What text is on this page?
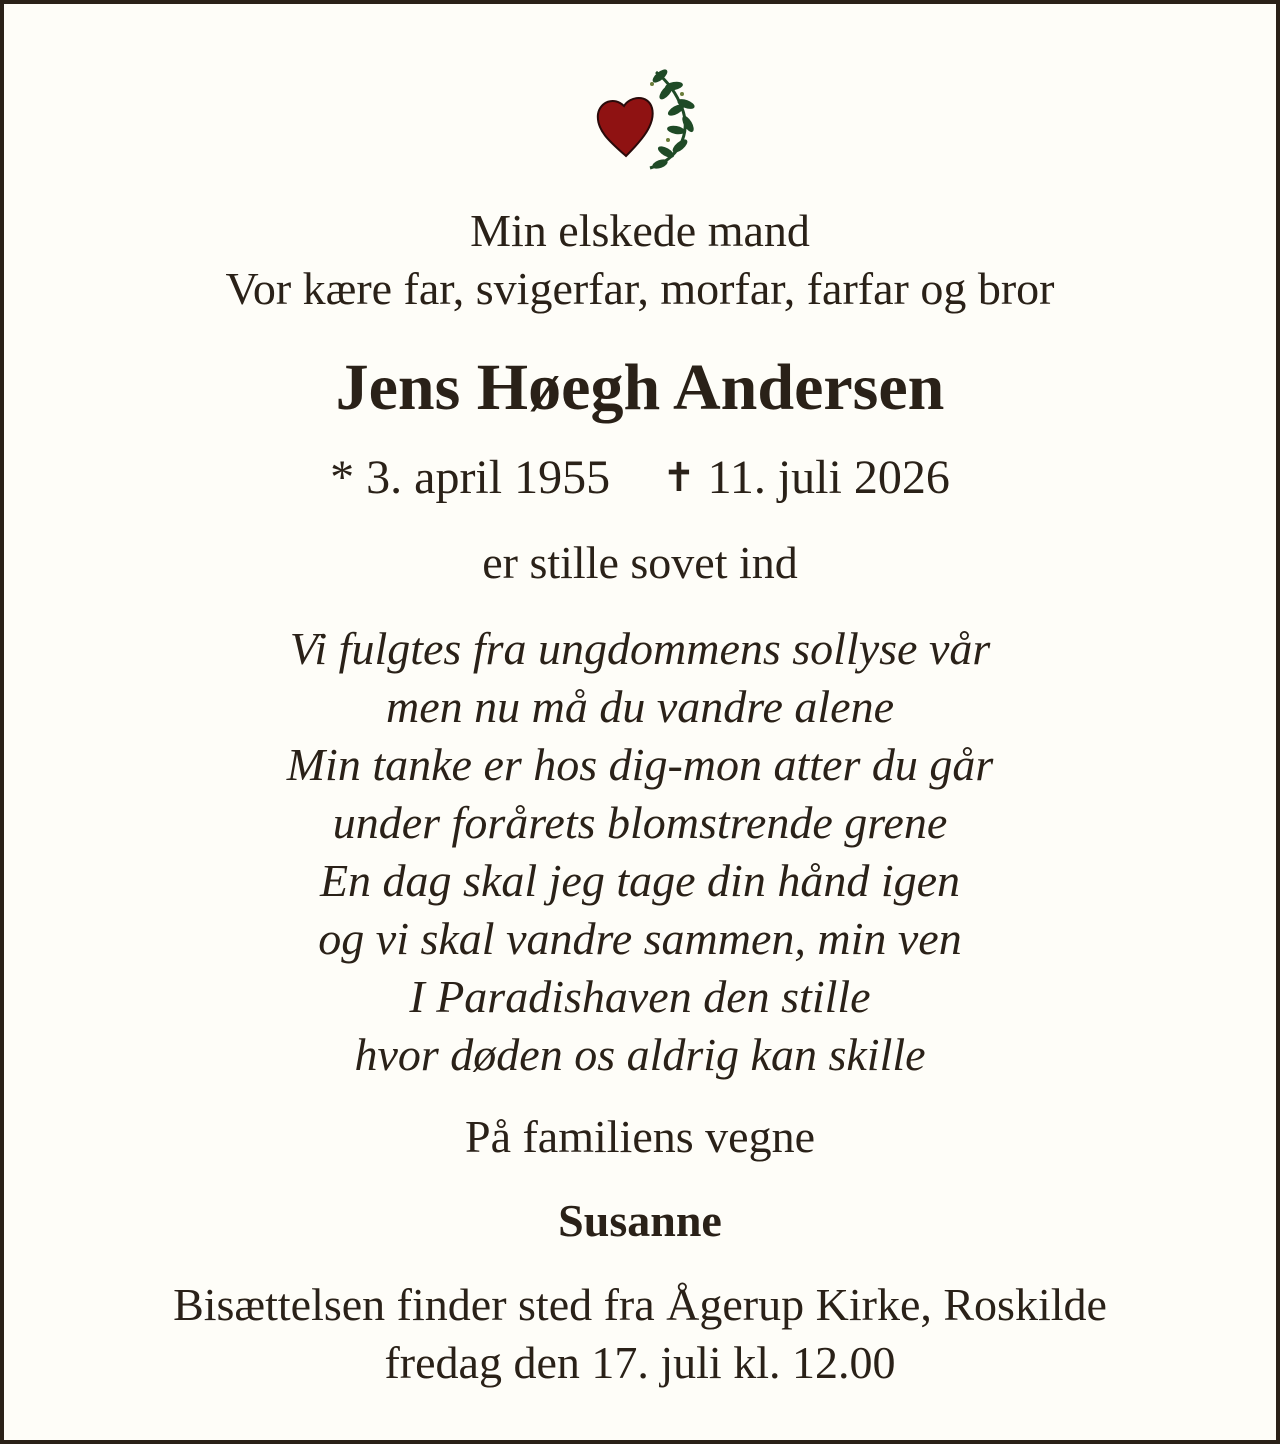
Min elskede mand
Vor kære far, svigerfar, morfar, farfar og bror
Jens Høegh Andersen
* 3. april 1955 ✝ 11. juli 2026
er stille sovet ind
Vi fulgtes fra ungdommens sollyse vår
men nu må du vandre alene
Min tanke er hos dig-mon atter du går
under forårets blomstrende grene
En dag skal jeg tage din hånd igen
og vi skal vandre sammen, min ven
I Paradishaven den stille
hvor døden os aldrig kan skille
På familiens vegne
Susanne
Bisættelsen finder sted fra Ågerup Kirke, Roskilde
fredag den 17. juli kl. 12.00
